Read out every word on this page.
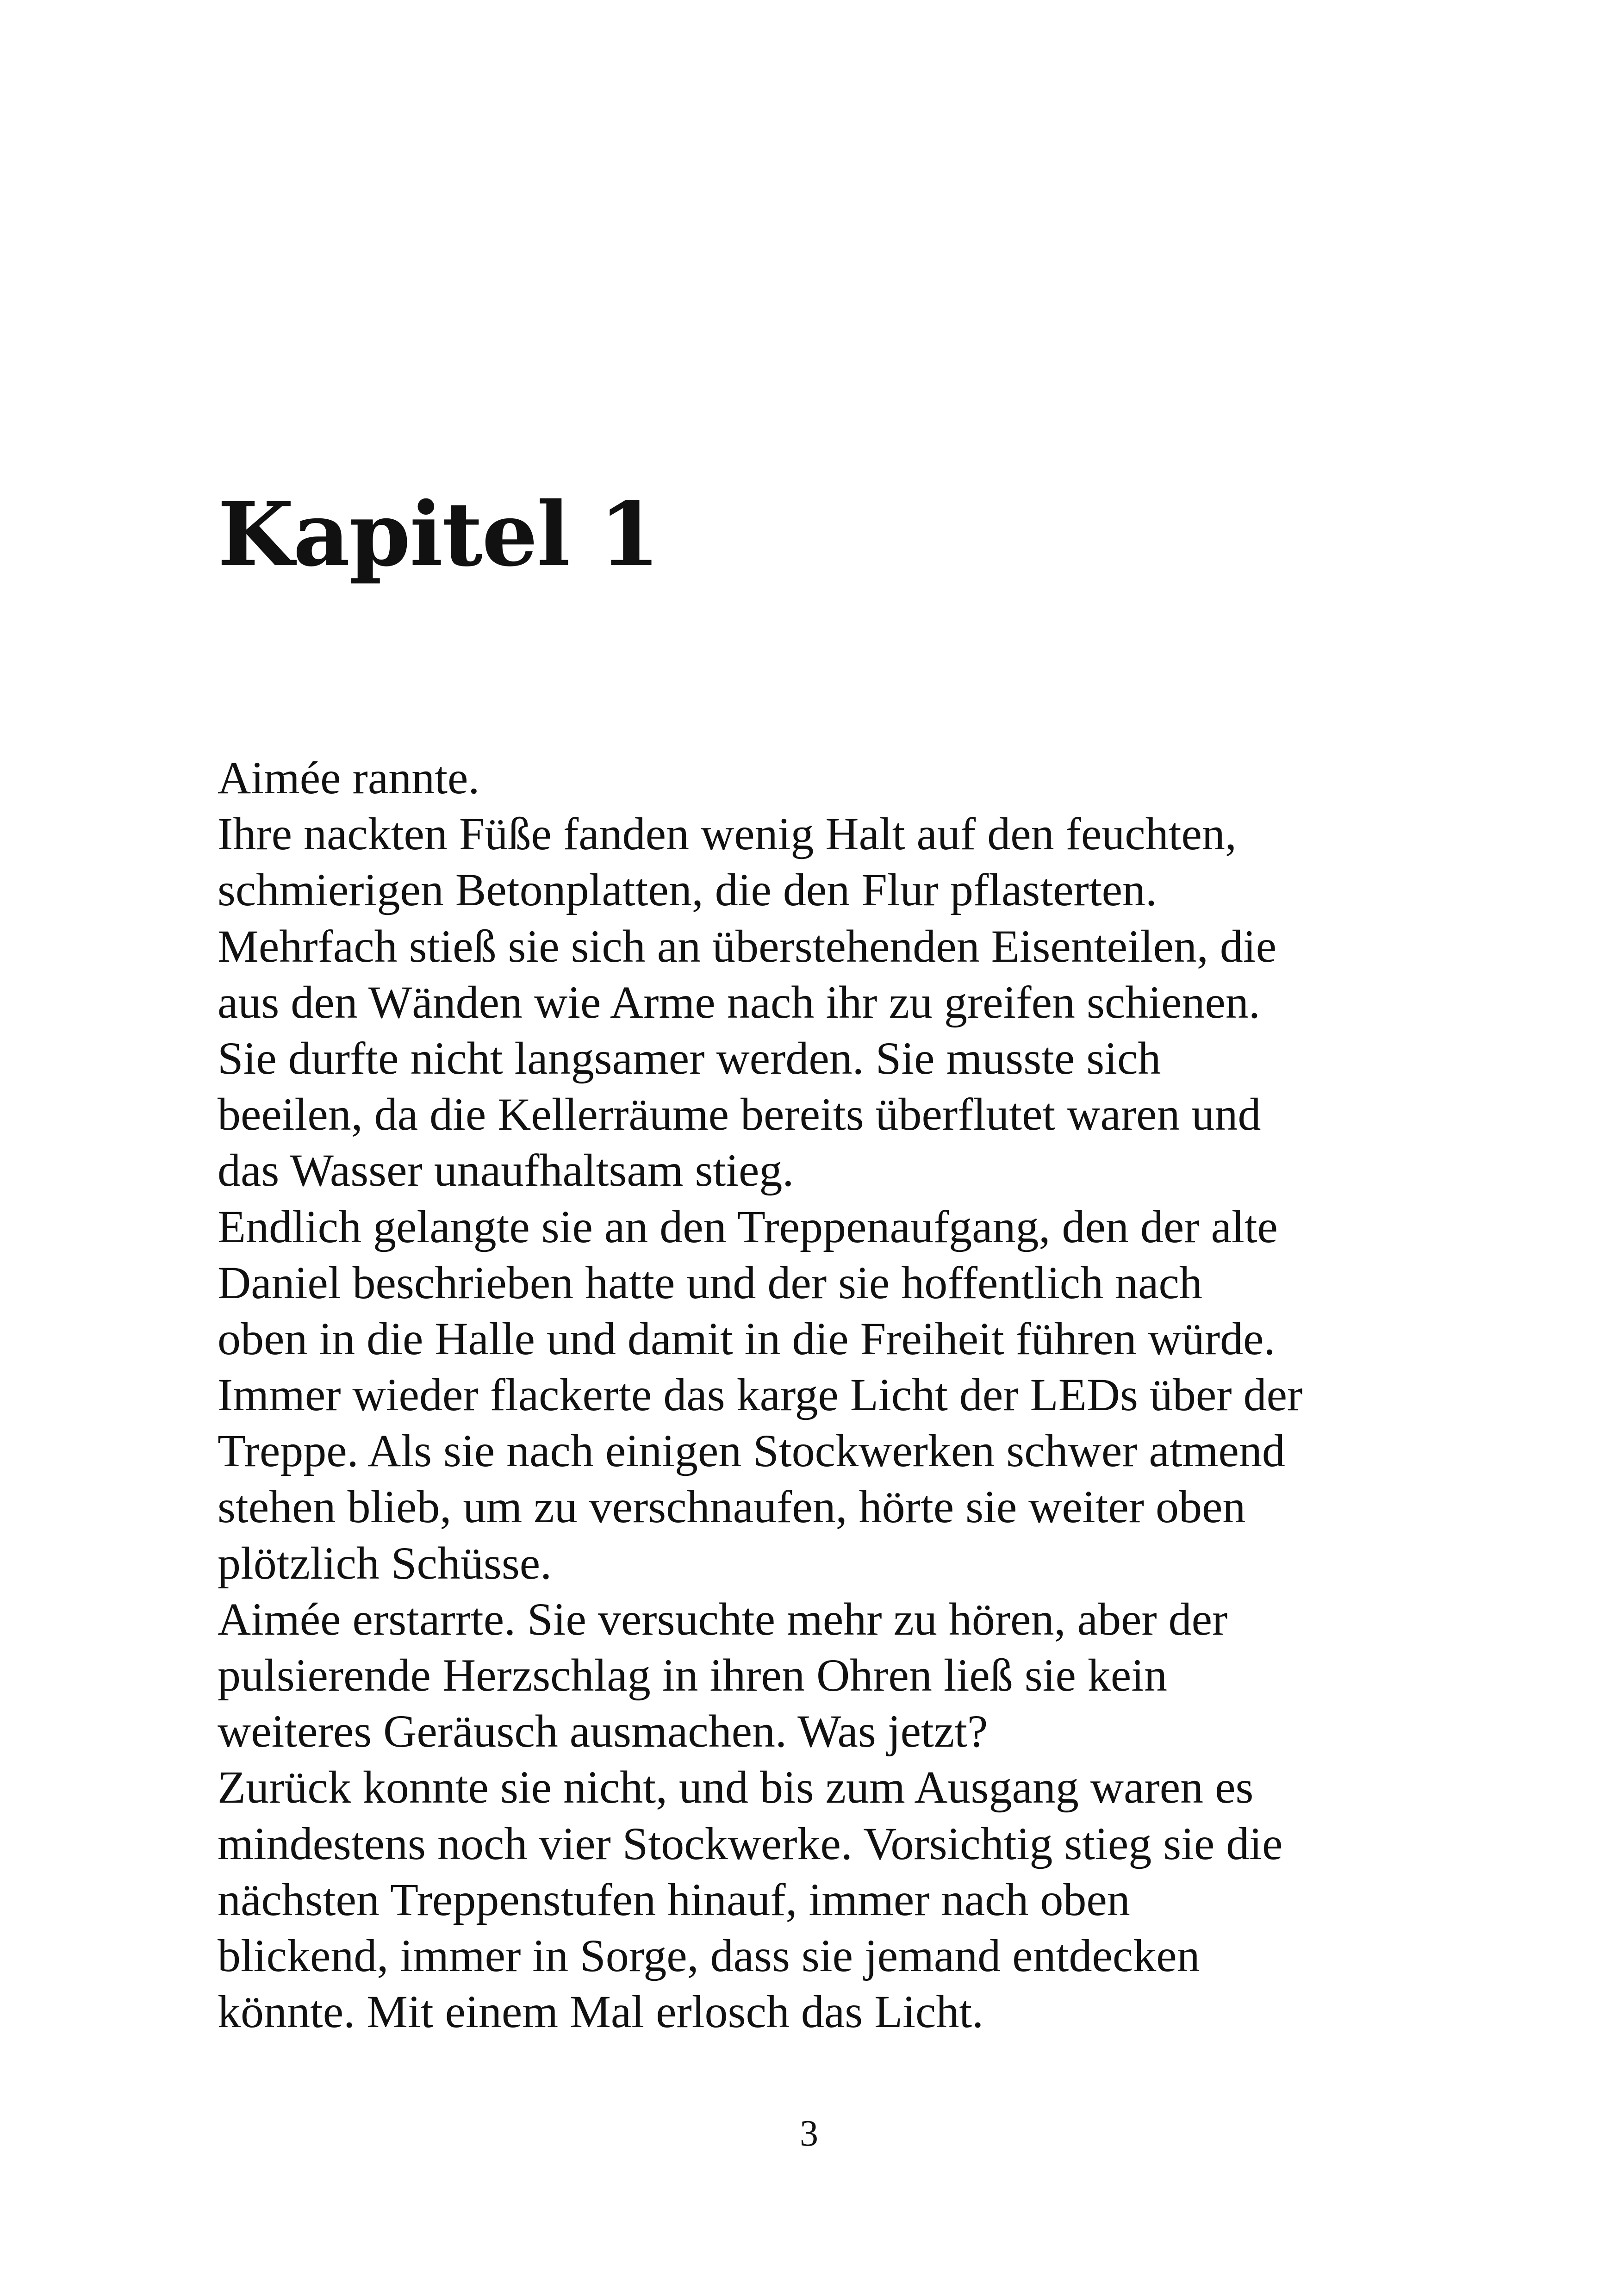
Kapitel 1
Aimée rannte.
Ihre nackten Füße fanden wenig Halt auf den feuchten,
schmierigen Betonplatten, die den Flur pflasterten.
Mehrfach stieß sie sich an überstehenden Eisenteilen, die
aus den Wänden wie Arme nach ihr zu greifen schienen.
Sie durfte nicht langsamer werden. Sie musste sich
beeilen, da die Kellerräume bereits überflutet waren und
das Wasser unaufhaltsam stieg.
Endlich gelangte sie an den Treppenaufgang, den der alte
Daniel beschrieben hatte und der sie hoffentlich nach
oben in die Halle und damit in die Freiheit führen würde.
Immer wieder flackerte das karge Licht der LEDs über der
Treppe. Als sie nach einigen Stockwerken schwer atmend
stehen blieb, um zu verschnaufen, hörte sie weiter oben
plötzlich Schüsse.
Aimée erstarrte. Sie versuchte mehr zu hören, aber der
pulsierende Herzschlag in ihren Ohren ließ sie kein
weiteres Geräusch ausmachen. Was jetzt?
Zurück konnte sie nicht, und bis zum Ausgang waren es
mindestens noch vier Stockwerke. Vorsichtig stieg sie die
nächsten Treppenstufen hinauf, immer nach oben
blickend, immer in Sorge, dass sie jemand entdecken
könnte. Mit einem Mal erlosch das Licht.
3
